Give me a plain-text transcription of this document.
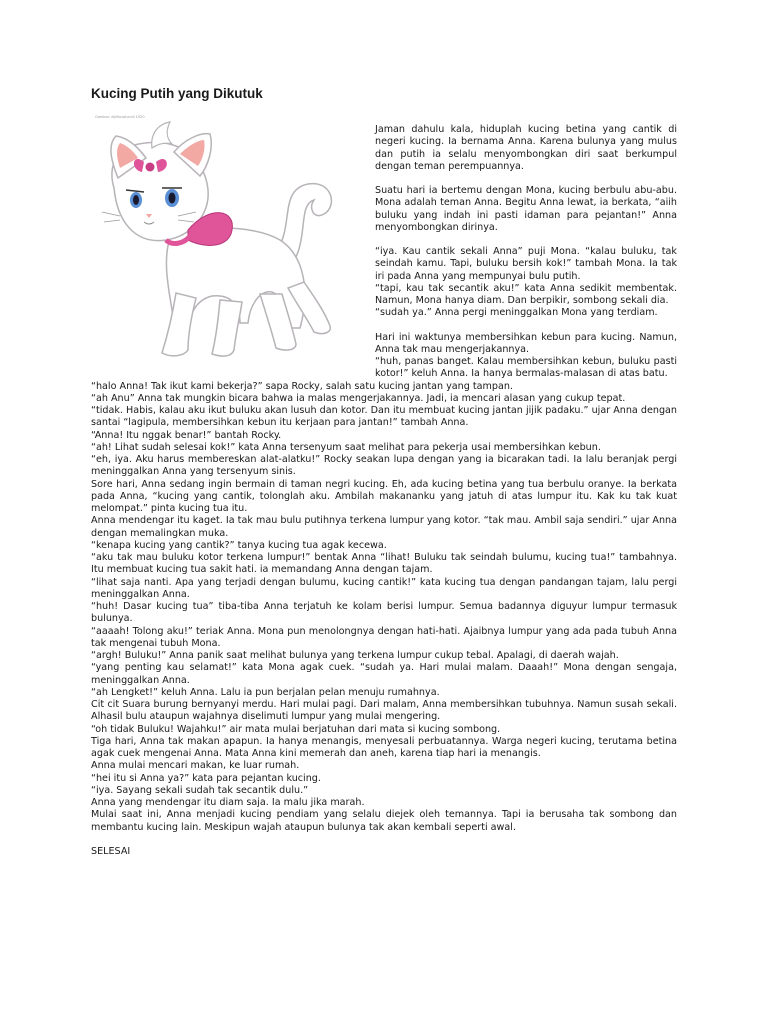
Kucing Putih yang Dikutuk

Jaman dahulu kala, hiduplah kucing betina yang cantik di negeri kucing. Ia bernama Anna. Karena bulunya yang mulus dan putih ia selalu menyombongkan diri saat berkumpul dengan teman perempuannya.

Suatu hari ia bertemu dengan Mona, kucing berbulu abu-abu. Mona adalah teman Anna. Begitu Anna lewat, ia berkata, “aiih buluku yang indah ini pasti idaman para pejantan!” Anna menyombongkan dirinya.

“iya. Kau cantik sekali Anna” puji Mona. “kalau buluku, tak seindah kamu. Tapi, buluku bersih kok!” tambah Mona. Ia tak iri pada Anna yang mempunyai bulu putih.

“tapi, kau tak secantik aku!” kata Anna sedikit membentak. Namun, Mona hanya diam. Dan berpikir, sombong sekali dia.

“sudah ya.” Anna pergi meninggalkan Mona yang terdiam.

Hari ini waktunya membersihkan kebun para kucing. Namun, Anna tak mau mengerjakannya.

“huh, panas banget. Kalau membersihkan kebun, buluku pasti kotor!” keluh Anna. Ia hanya bermalas-malasan di atas batu.

“halo Anna! Tak ikut kami bekerja?” sapa Rocky, salah satu kucing jantan yang tampan.

“ah Anu” Anna tak mungkin bicara bahwa ia malas mengerjakannya. Jadi, ia mencari alasan yang cukup tepat.

“tidak. Habis, kalau aku ikut buluku akan lusuh dan kotor. Dan itu membuat kucing jantan jijik padaku.” ujar Anna dengan santai “lagipula, membersihkan kebun itu kerjaan para jantan!” tambah Anna.

“Anna! Itu nggak benar!” bantah Rocky.

“ah! Lihat sudah selesai kok!” kata Anna tersenyum saat melihat para pekerja usai membersihkan kebun.

“eh, iya. Aku harus membereskan alat-alatku!” Rocky seakan lupa dengan yang ia bicarakan tadi. Ia lalu beranjak pergi meninggalkan Anna yang tersenyum sinis.

Sore hari, Anna sedang ingin bermain di taman negri kucing. Eh, ada kucing betina yang tua berbulu oranye. Ia berkata pada Anna, “kucing yang cantik, tolonglah aku. Ambilah makananku yang jatuh di atas lumpur itu. Kak ku tak kuat melompat.” pinta kucing tua itu.

Anna mendengar itu kaget. Ia tak mau bulu putihnya terkena lumpur yang kotor. “tak mau. Ambil saja sendiri.” ujar Anna dengan memalingkan muka.

“kenapa kucing yang cantik?” tanya kucing tua agak kecewa.

“aku tak mau buluku kotor terkena lumpur!” bentak Anna “lihat! Buluku tak seindah bulumu, kucing tua!” tambahnya. Itu membuat kucing tua sakit hati. ia memandang Anna dengan tajam.

“lihat saja nanti. Apa yang terjadi dengan bulumu, kucing cantik!” kata kucing tua dengan pandangan tajam, lalu pergi meninggalkan Anna.

“huh! Dasar kucing tua” tiba-tiba Anna terjatuh ke kolam berisi lumpur. Semua badannya diguyur lumpur termasuk bulunya.

“aaaah! Tolong aku!” teriak Anna. Mona pun menolongnya dengan hati-hati. Ajaibnya lumpur yang ada pada tubuh Anna tak mengenai tubuh Mona.

“argh! Buluku!” Anna panik saat melihat bulunya yang terkena lumpur cukup tebal. Apalagi, di daerah wajah.

“yang penting kau selamat!” kata Mona agak cuek. “sudah ya. Hari mulai malam. Daaah!” Mona dengan sengaja, meninggalkan Anna.

“ah Lengket!” keluh Anna. Lalu ia pun berjalan pelan menuju rumahnya.

Cit cit Suara burung bernyanyi merdu. Hari mulai pagi. Dari malam, Anna membersihkan tubuhnya. Namun susah sekali. Alhasil bulu ataupun wajahnya diselimuti lumpur yang mulai mengering.

“oh tidak Buluku! Wajahku!” air mata mulai berjatuhan dari mata si kucing sombong.

Tiga hari, Anna tak makan apapun. Ia hanya menangis, menyesali perbuatannya. Warga negeri kucing, terutama betina agak cuek mengenai Anna. Mata Anna kini memerah dan aneh, karena tiap hari ia menangis.

Anna mulai mencari makan, ke luar rumah.

“hei itu si Anna ya?” kata para pejantan kucing.

“iya. Sayang sekali sudah tak secantik dulu.”

Anna yang mendengar itu diam saja. Ia malu jika marah.

Mulai saat ini, Anna menjadi kucing pendiam yang selalu diejek oleh temannya. Tapi ia berusaha tak sombong dan membantu kucing lain. Meskipun wajah ataupun bulunya tak akan kembali seperti awal.

SELESAI

Gambar: dijiftuvaturall 1920
